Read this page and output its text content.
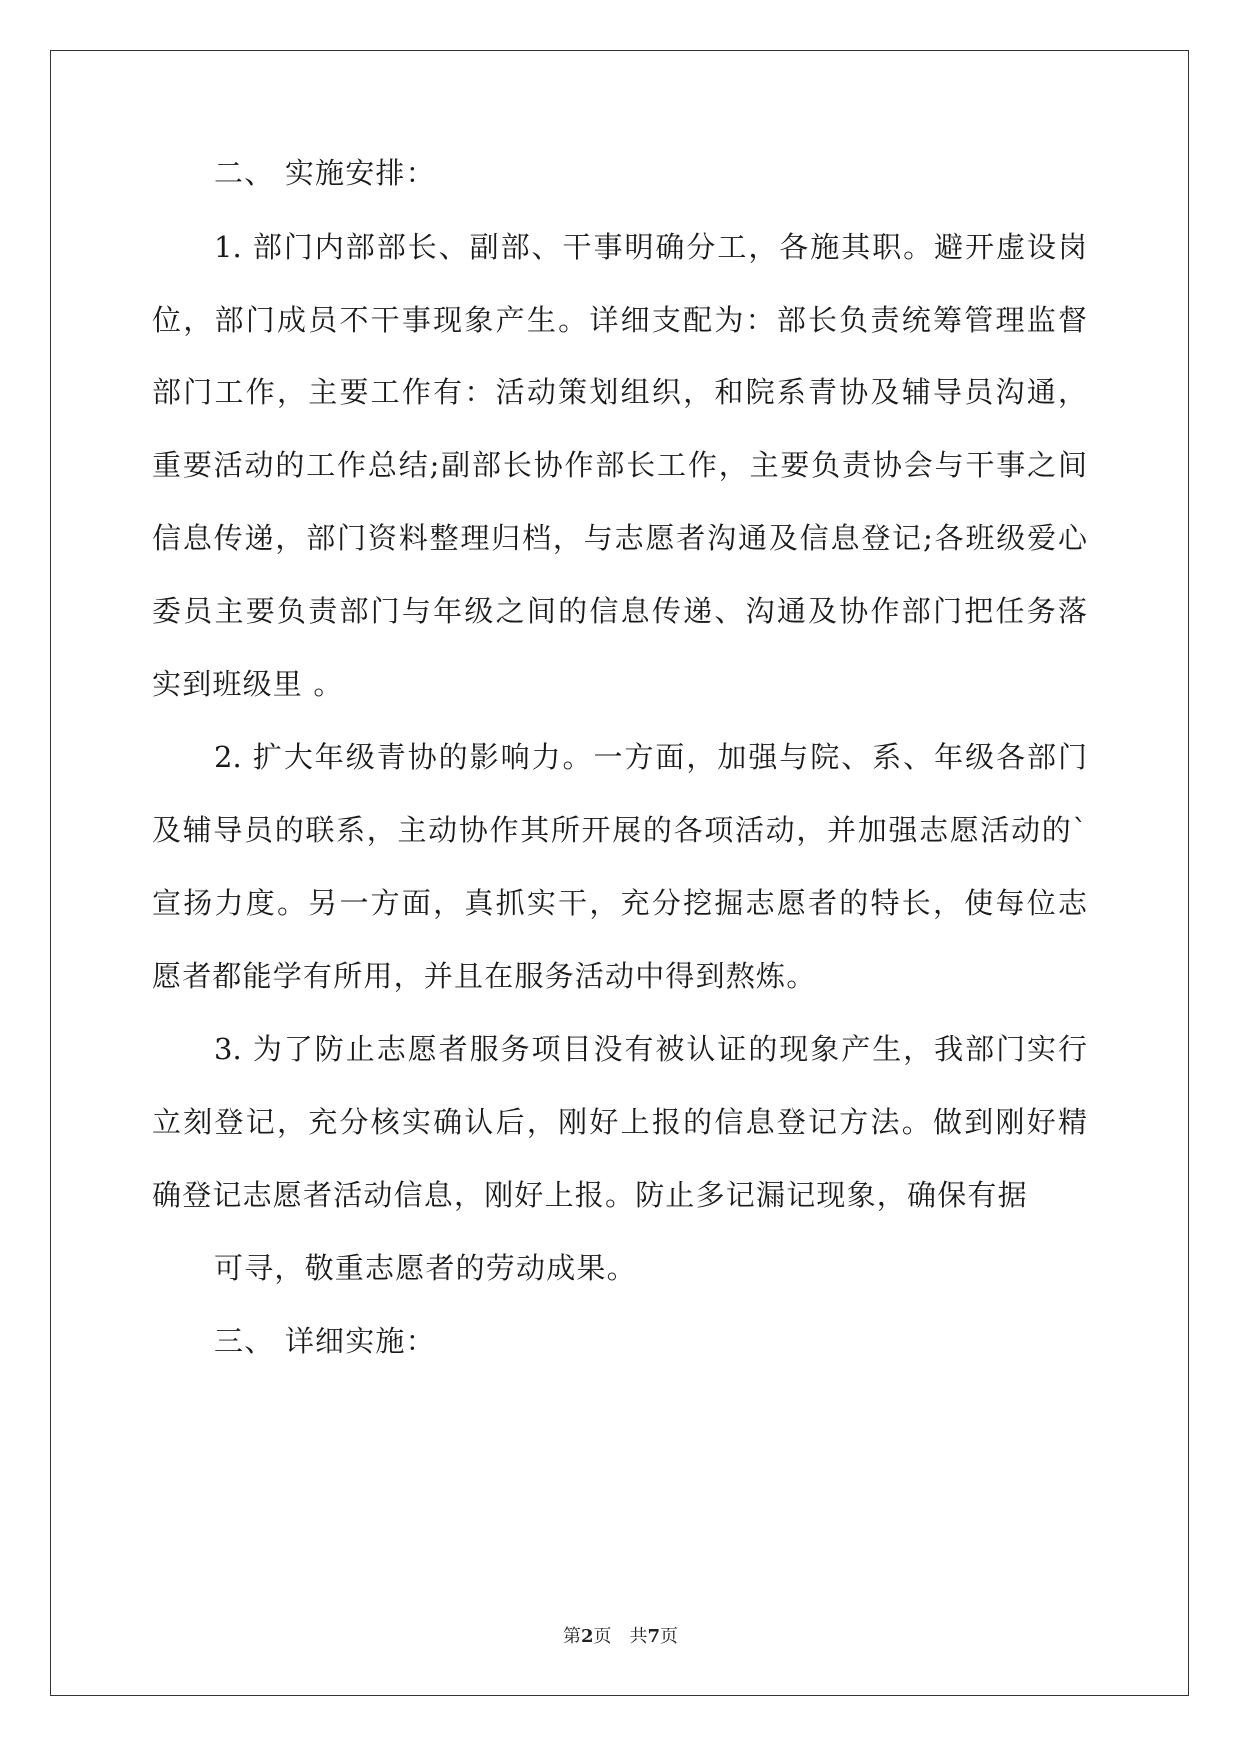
二、 实施安排：
1. 部门内部部长、副部、干事明确分工，各施其职。避开虚设岗
位，部门成员不干事现象产生。详细支配为：部长负责统筹管理监督
部门工作，主要工作有：活动策划组织，和院系青协及辅导员沟通，
重要活动的工作总结;副部长协作部长工作，主要负责协会与干事之间
信息传递，部门资料整理归档，与志愿者沟通及信息登记;各班级爱心
委员主要负责部门与年级之间的信息传递、沟通及协作部门把任务落
实到班级里 。
2. 扩大年级青协的影响力。一方面，加强与院、系、年级各部门
及辅导员的联系，主动协作其所开展的各项活动，并加强志愿活动的`
宣扬力度。另一方面，真抓实干，充分挖掘志愿者的特长，使每位志
愿者都能学有所用，并且在服务活动中得到熬炼。
3. 为了防止志愿者服务项目没有被认证的现象产生，我部门实行
立刻登记，充分核实确认后，刚好上报的信息登记方法。做到刚好精
确登记志愿者活动信息，刚好上报。防止多记漏记现象，确保有据
可寻，敬重志愿者的劳动成果。
三、 详细实施：
第2页　共7页
